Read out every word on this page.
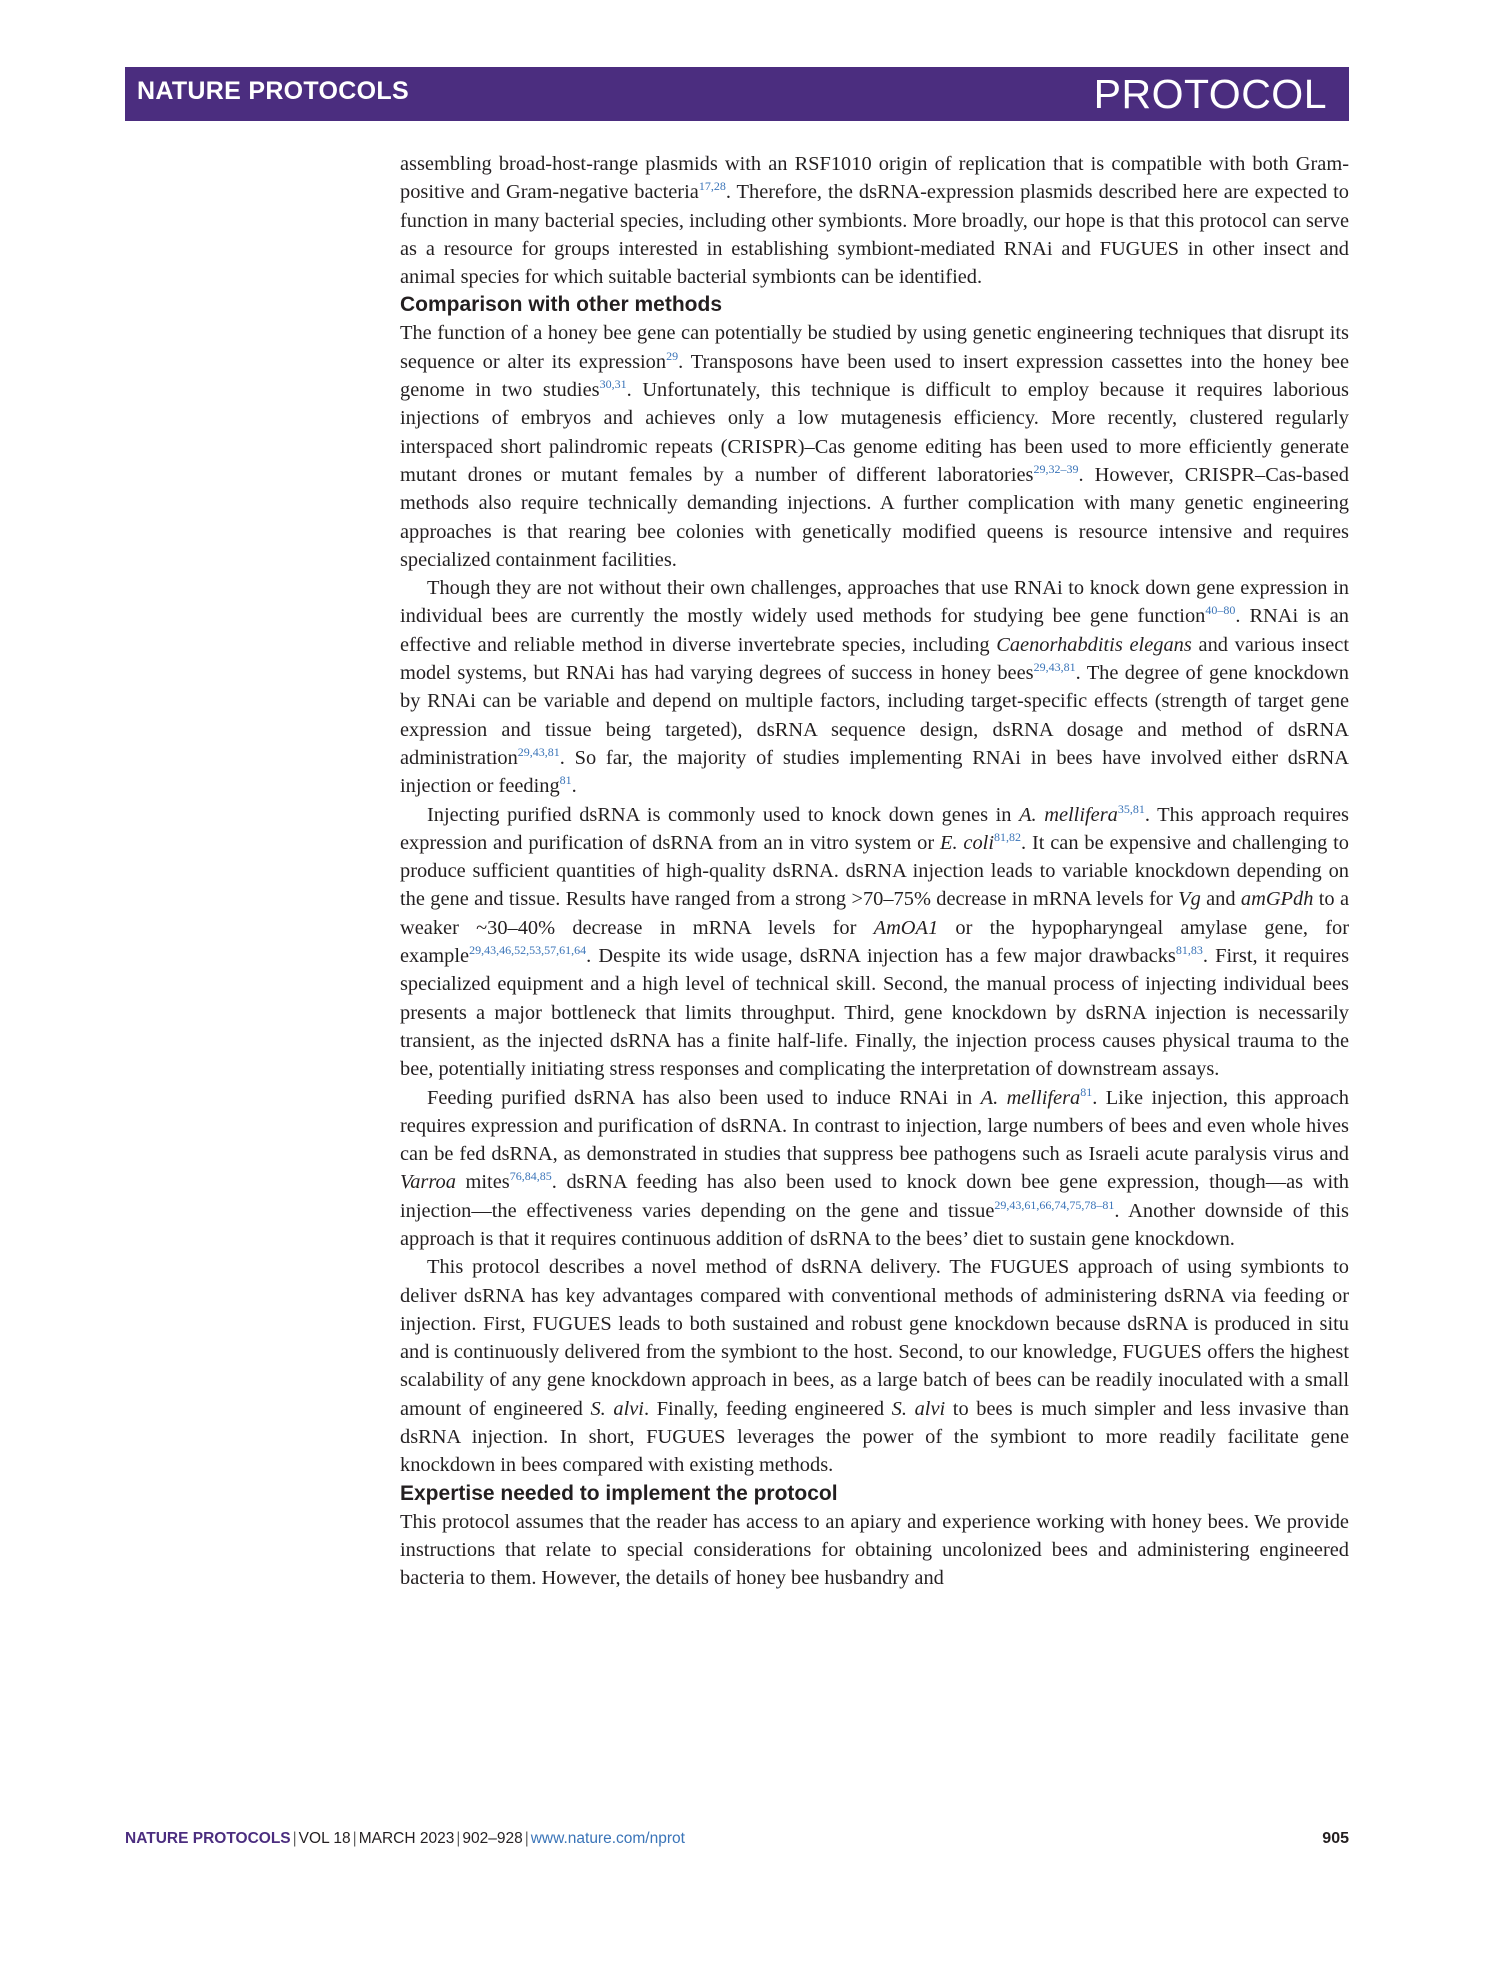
NATURE PROTOCOLS	PROTOCOL

assembling broad-host-range plasmids with an RSF1010 origin of replication that is compatible with both Gram-positive and Gram-negative bacteria$^{17,28}$. Therefore, the dsRNA-expression plasmids described here are expected to function in many bacterial species, including other symbionts. More broadly, our hope is that this protocol can serve as a resource for groups interested in establishing symbiont-mediated RNAi and FUGUES in other insect and animal species for which suitable bacterial symbionts can be identified.

Comparison with other methods

The function of a honey bee gene can potentially be studied by using genetic engineering techniques that disrupt its sequence or alter its expression$^{29}$. Transposons have been used to insert expression cassettes into the honey bee genome in two studies$^{30,31}$. Unfortunately, this technique is difficult to employ because it requires laborious injections of embryos and achieves only a low mutagenesis efficiency. More recently, clustered regularly interspaced short palindromic repeats (CRISPR)–Cas genome editing has been used to more efficiently generate mutant drones or mutant females by a number of different laboratories$^{29,32-39}$. However, CRISPR–Cas-based methods also require technically demanding injections. A further complication with many genetic engineering approaches is that rearing bee colonies with genetically modified queens is resource intensive and requires specialized containment facilities.

Though they are not without their own challenges, approaches that use RNAi to knock down gene expression in individual bees are currently the mostly widely used methods for studying bee gene function$^{40-80}$. RNAi is an effective and reliable method in diverse invertebrate species, including Caenorhabditis elegans and various insect model systems, but RNAi has had varying degrees of success in honey bees$^{29,43,81}$. The degree of gene knockdown by RNAi can be variable and depend on multiple factors, including target-specific effects (strength of target gene expression and tissue being targeted), dsRNA sequence design, dsRNA dosage and method of dsRNA administration$^{29,43,81}$. So far, the majority of studies implementing RNAi in bees have involved either dsRNA injection or feeding$^{81}$.

Injecting purified dsRNA is commonly used to knock down genes in A. mellifera$^{35,81}$. This approach requires expression and purification of dsRNA from an in vitro system or E. coli$^{81,82}$. It can be expensive and challenging to produce sufficient quantities of high-quality dsRNA. dsRNA injection leads to variable knockdown depending on the gene and tissue. Results have ranged from a strong >70–75% decrease in mRNA levels for Vg and amGPdh to a weaker ~30–40% decrease in mRNA levels for AmOA1 or the hypopharyngeal amylase gene, for example$^{29,43,46,52,53,57,61,64}$. Despite its wide usage, dsRNA injection has a few major drawbacks$^{81,83}$. First, it requires specialized equipment and a high level of technical skill. Second, the manual process of injecting individual bees presents a major bottleneck that limits throughput. Third, gene knockdown by dsRNA injection is necessarily transient, as the injected dsRNA has a finite half-life. Finally, the injection process causes physical trauma to the bee, potentially initiating stress responses and complicating the interpretation of downstream assays.

Feeding purified dsRNA has also been used to induce RNAi in A. mellifera$^{81}$. Like injection, this approach requires expression and purification of dsRNA. In contrast to injection, large numbers of bees and even whole hives can be fed dsRNA, as demonstrated in studies that suppress bee pathogens such as Israeli acute paralysis virus and Varroa mites$^{76,84,85}$. dsRNA feeding has also been used to knock down bee gene expression, though—as with injection—the effectiveness varies depending on the gene and tissue$^{29,43,61,66,74,75,78-81}$. Another downside of this approach is that it requires continuous addition of dsRNA to the bees’ diet to sustain gene knockdown.

This protocol describes a novel method of dsRNA delivery. The FUGUES approach of using symbionts to deliver dsRNA has key advantages compared with conventional methods of administering dsRNA via feeding or injection. First, FUGUES leads to both sustained and robust gene knockdown because dsRNA is produced in situ and is continuously delivered from the symbiont to the host. Second, to our knowledge, FUGUES offers the highest scalability of any gene knockdown approach in bees, as a large batch of bees can be readily inoculated with a small amount of engineered S. alvi. Finally, feeding engineered S. alvi to bees is much simpler and less invasive than dsRNA injection. In short, FUGUES leverages the power of the symbiont to more readily facilitate gene knockdown in bees compared with existing methods.

Expertise needed to implement the protocol

This protocol assumes that the reader has access to an apiary and experience working with honey bees. We provide instructions that relate to special considerations for obtaining uncolonized bees and administering engineered bacteria to them. However, the details of honey bee husbandry and

NATURE PROTOCOLS | VOL 18 | MARCH 2023 | 902–928 | www.nature.com/nprot	905
